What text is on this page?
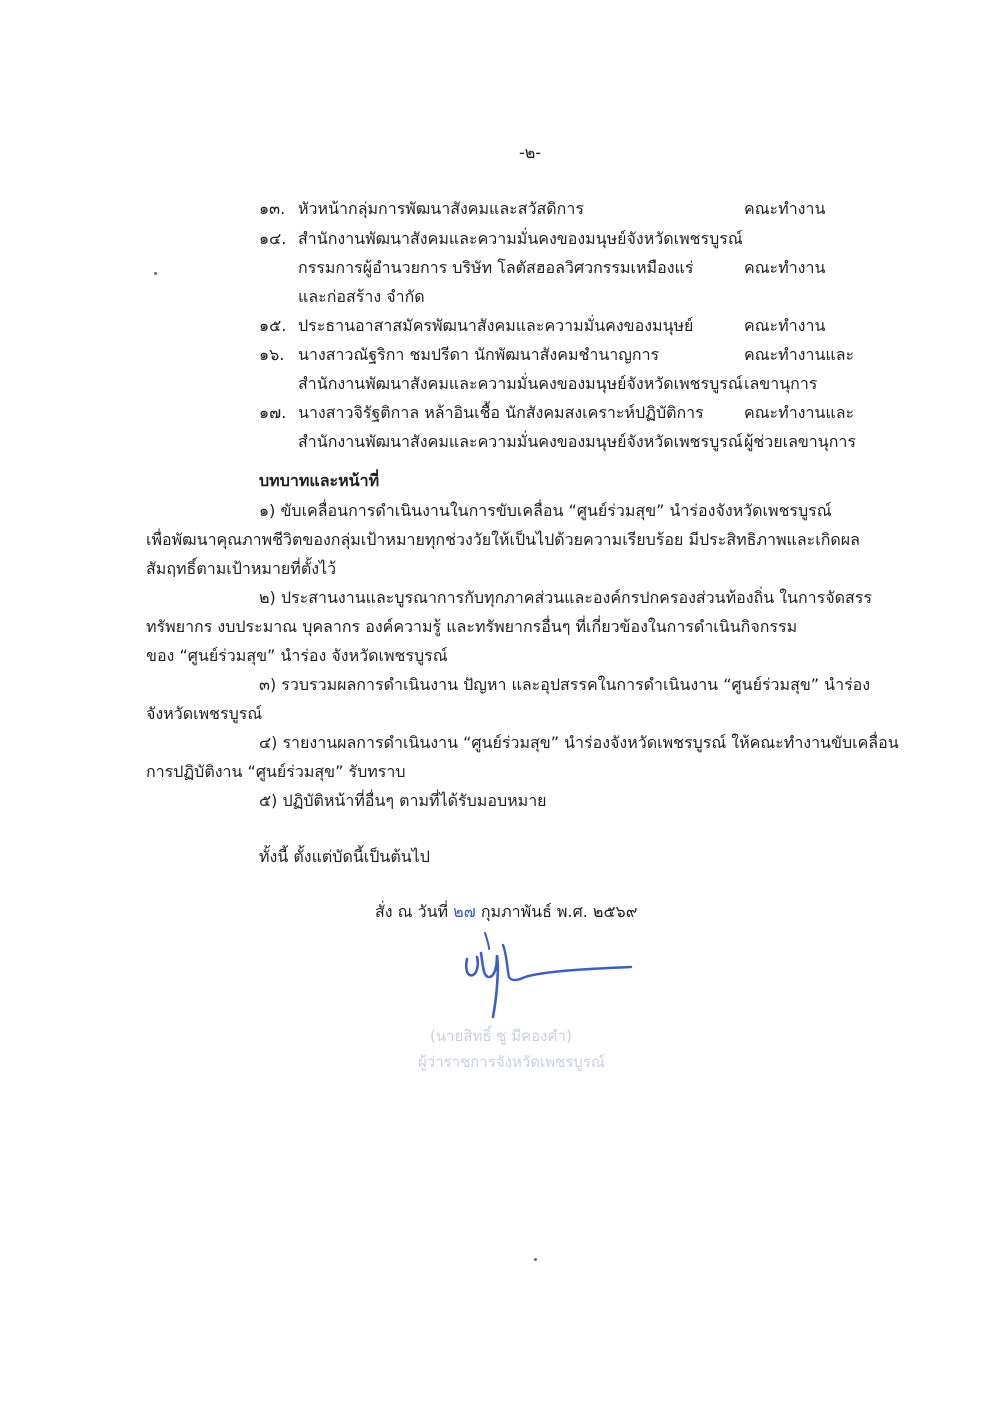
-๒-
๑๓. หัวหน้ากลุ่มการพัฒนาสังคมและสวัสดิการ	คณะทำงาน
๑๔. สำนักงานพัฒนาสังคมและความมั่นคงของมนุษย์จังหวัดเพชรบูรณ์
กรรมการผู้อำนวยการ บริษัท โลตัสฮอลวิศวกรรมเหมืองแร่	คณะทำงาน
และก่อสร้าง จำกัด
๑๕. ประธานอาสาสมัครพัฒนาสังคมและความมั่นคงของมนุษย์	คณะทำงาน
๑๖. นางสาวณัฐริกา ชมปรีดา นักพัฒนาสังคมชำนาญการ	คณะทำงานและ
สำนักงานพัฒนาสังคมและความมั่นคงของมนุษย์จังหวัดเพชรบูรณ์ เลขานุการ
๑๗. นางสาวจิรัฐติกาล หล้าอินเชื้อ นักสังคมสงเคราะห์ปฏิบัติการ	คณะทำงานและ
สำนักงานพัฒนาสังคมและความมั่นคงของมนุษย์จังหวัดเพชรบูรณ์ ผู้ช่วยเลขานุการ
บทบาทและหน้าที่
๑) ขับเคลื่อนการดำเนินงานในการขับเคลื่อน “ศูนย์ร่วมสุข” นำร่องจังหวัดเพชรบูรณ์
เพื่อพัฒนาคุณภาพชีวิตของกลุ่มเป้าหมายทุกช่วงวัยให้เป็นไปด้วยความเรียบร้อย มีประสิทธิภาพและเกิดผล
สัมฤทธิ์ตามเป้าหมายที่ตั้งไว้
๒) ประสานงานและบูรณาการกับทุกภาคส่วนและองค์กรปกครองส่วนท้องถิ่น ในการจัดสรร
ทรัพยากร งบประมาณ บุคลากร องค์ความรู้ และทรัพยากรอื่นๆ ที่เกี่ยวข้องในการดำเนินกิจกรรม
ของ “ศูนย์ร่วมสุข” นำร่อง จังหวัดเพชรบูรณ์
๓) รวบรวมผลการดำเนินงาน ปัญหา และอุปสรรคในการดำเนินงาน “ศูนย์ร่วมสุข” นำร่อง
จังหวัดเพชรบูรณ์
๔) รายงานผลการดำเนินงาน “ศูนย์ร่วมสุข” นำร่องจังหวัดเพชรบูรณ์ ให้คณะทำงานขับเคลื่อน
การปฏิบัติงาน “ศูนย์ร่วมสุข” รับทราบ
๕) ปฏิบัติหน้าที่อื่นๆ ตามที่ได้รับมอบหมาย
ทั้งนี้ ตั้งแต่บัดนี้เป็นต้นไป
สั่ง ณ วันที่ ๒๗ กุมภาพันธ์ พ.ศ. ๒๕๖๙
(นายสิทธิ์ ชู มีคองคำ)
ผู้ว่าราชการจังหวัดเพชรบูรณ์
